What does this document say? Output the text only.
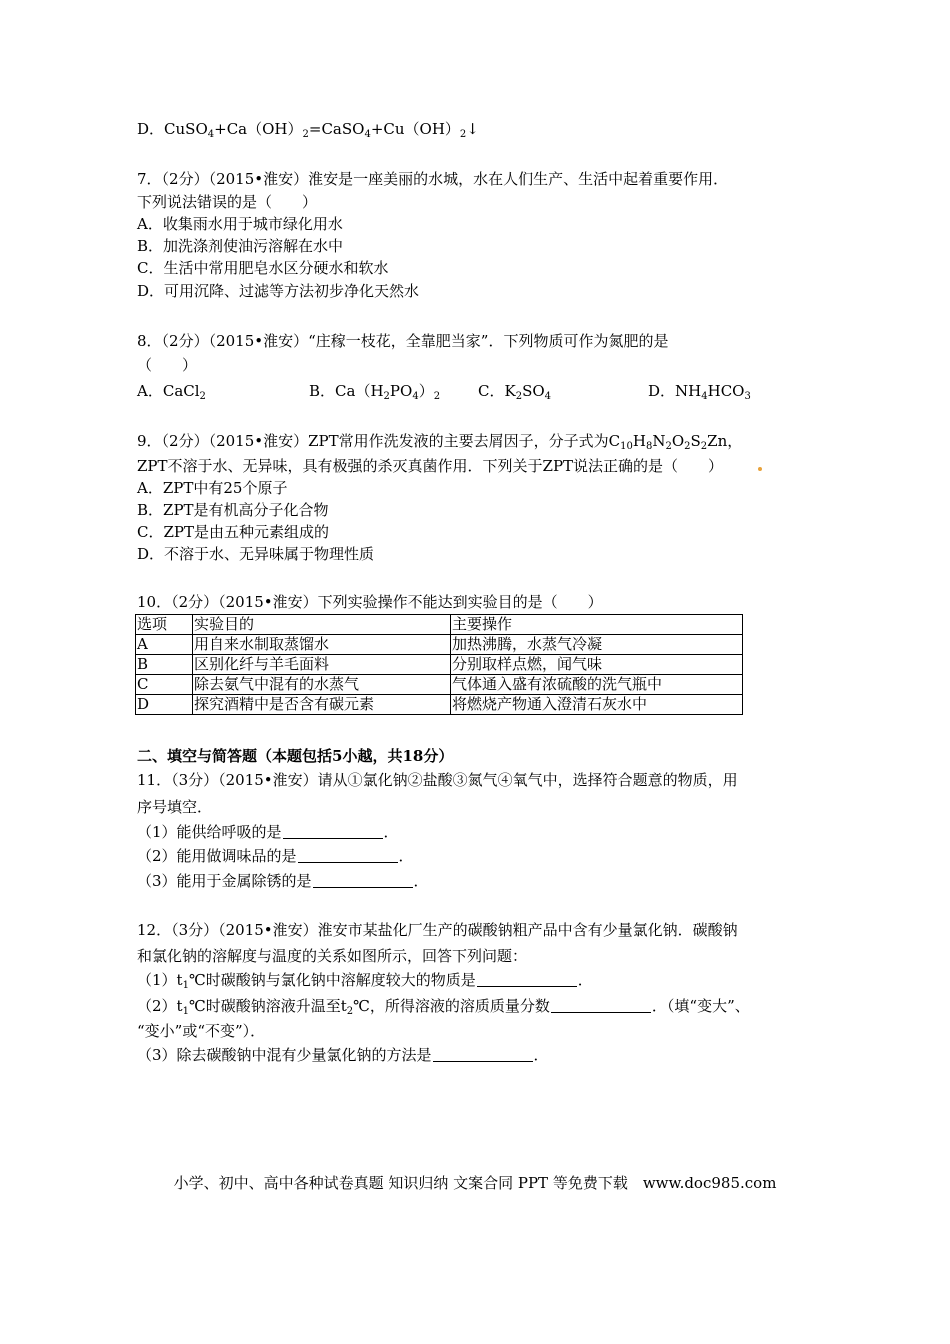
D．$CuSO_4+Ca(OH)_2=CaSO_4+Cu(OH)_2↓$
7．（2分）（2015•淮安）淮安是一座美丽的水城，水在人们生产、生活中起着重要作用．
下列说法错误的是（　　）
A．收集雨水用于城市绿化用水
B．加洗涤剂使油污溶解在水中
C．生活中常用肥皂水区分硬水和软水
D．可用沉降、过滤等方法初步净化天然水
8．（2分）（2015•淮安）“庄稼一枝花，全靠肥当家”．下列物质可作为氮肥的是
（　　）
A．CaCl$_2$	B．$Ca(H_2PO_4)_2$	C．$K_2SO_4$	D．$NH_4HCO_3$
9．（2分）（2015•淮安）ZPT常用作洗发液的主要去屑因子，分子式为$C_{10}H_8N_2O_2S_2Zn$，
ZPT不溶于水、无异味，具有极强的杀灭真菌作用．下列关于ZPT说法正确的是（　　）
A．ZPT中有25个原子
B．ZPT是有机高分子化合物
C．ZPT是由五种元素组成的
D．不溶于水、无异味属于物理性质
10．（2分）（2015•淮安）下列实验操作不能达到实验目的是（　　）
选项	实验目的	主要操作
A	用自来水制取蒸馏水	加热沸腾，水蒸气冷凝
B	区别化纤与羊毛面料	分别取样点燃，闻气味
C	除去氨气中混有的水蒸气	气体通入盛有浓硫酸的洗气瓶中
D	探究酒精中是否含有碳元素	将燃烧产物通入澄清石灰水中
二、填空与简答题（本题包括5小越，共18分）
11．（3分）（2015•淮安）请从①氯化钠②盐酸③氮气④氧气中，选择符合题意的物质，用
序号填空．
（1）能供给呼吸的是	．
（2）能用做调味品的是	．
（3）能用于金属除锈的是	．
12．（3分）（2015•淮安）淮安市某盐化厂生产的碳酸钠粗产品中含有少量氯化钠．碳酸钠
和氯化钠的溶解度与温度的关系如图所示，回答下列问题：
$(1)t_1℃$时碳酸钠与氯化钠中溶解度较大的物质是	．
$(2)t_1℃$时碳酸钠溶液升温至$t_2℃$，所得溶液的溶质质量分数	．（填“变大”、
“变小”或“不变”）．
（3）除去碳酸钠中混有少量氯化钠的方法是	．
小学、初中、高中各种试卷真题 知识归纳 文案合同 PPT 等免费下载　www.doc985.com
